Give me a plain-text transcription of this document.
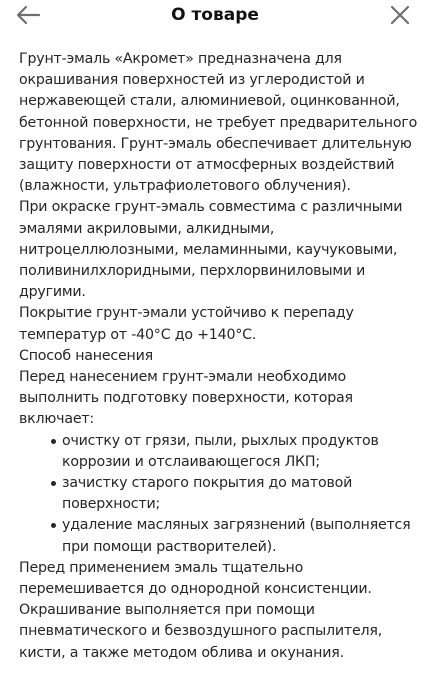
О товаре

Грунт-эмаль «Акромет» предназначена для окрашивания поверхностей из углеродистой и нержавеющей стали, алюминиевой, оцинкованной, бетонной поверхности, не требует предварительного грунтования. Грунт-эмаль обеспечивает длительную защиту поверхности от атмосферных воздействий (влажности, ультрафиолетового облучения).

При окраске грунт-эмаль совместима с различными эмалями акриловыми, алкидными, нитроцеллюлозными, меламинными, каучуковыми, поливинилхлоридными, перхлорвиниловыми и другими.

Покрытие грунт-эмали устойчиво к перепаду температур от -40°C до +140°C.

Способ нанесения

Перед нанесением грунт-эмали необходимо выполнить подготовку поверхности, которая включает:

очистку от грязи, пыли, рыхлых продуктов коррозии и отслаивающегося ЛКП;
зачистку старого покрытия до матовой поверхности;
удаление масляных загрязнений (выполняется при помощи растворителей).

Перед применением эмаль тщательно перемешивается до однородной консистенции.

Окрашивание выполняется при помощи пневматического и безвоздушного распылителя, кисти, а также методом облива и окунания.
